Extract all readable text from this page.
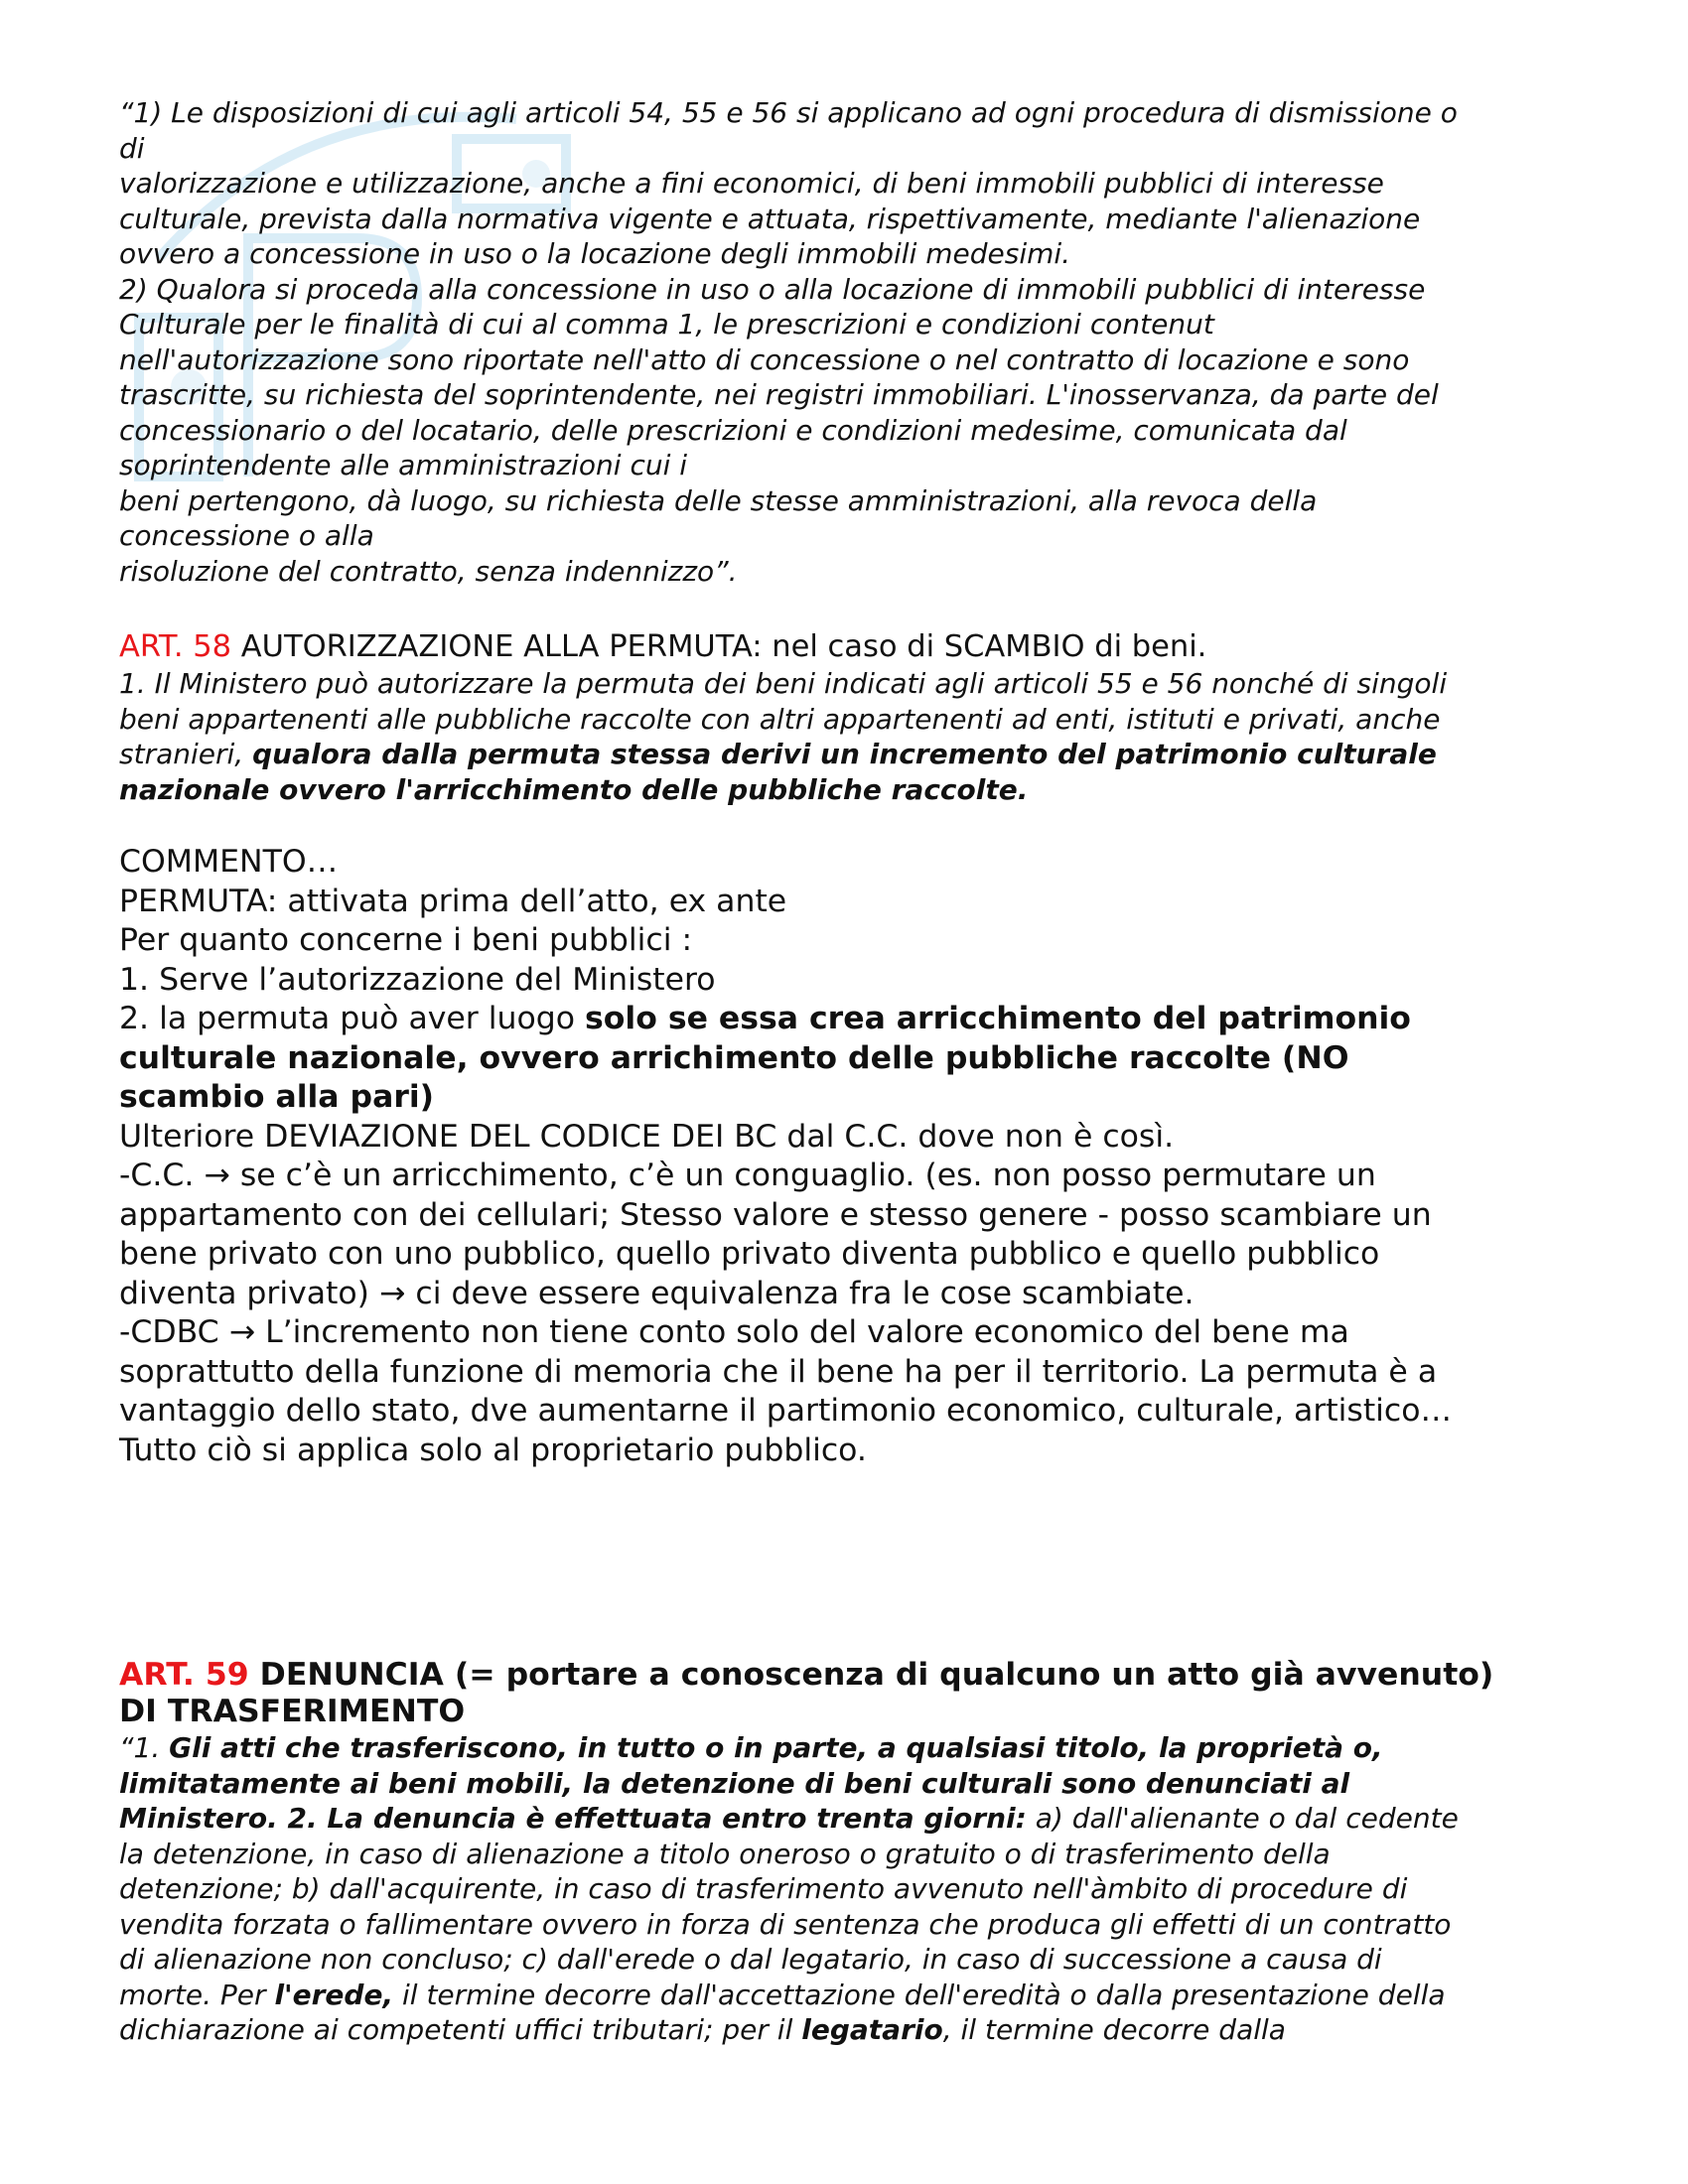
“1) Le disposizioni di cui agli articoli 54, 55 e 56 si applicano ad ogni procedura di dismissione o
di
valorizzazione e utilizzazione, anche a fini economici, di beni immobili pubblici di interesse
culturale, prevista dalla normativa vigente e attuata, rispettivamente, mediante l'alienazione
ovvero a concessione in uso o la locazione degli immobili medesimi.
2) Qualora si proceda alla concessione in uso o alla locazione di immobili pubblici di interesse
Culturale per le finalità di cui al comma 1, le prescrizioni e condizioni contenut
nell'autorizzazione sono riportate nell'atto di concessione o nel contratto di locazione e sono
trascritte, su richiesta del soprintendente, nei registri immobiliari. L'inosservanza, da parte del
concessionario o del locatario, delle prescrizioni e condizioni medesime, comunicata dal
soprintendente alle amministrazioni cui i
beni pertengono, dà luogo, su richiesta delle stesse amministrazioni, alla revoca della
concessione o alla
risoluzione del contratto, senza indennizzo”.
ART. 58 AUTORIZZAZIONE ALLA PERMUTA: nel caso di SCAMBIO di beni.
1. Il Ministero può autorizzare la permuta dei beni indicati agli articoli 55 e 56 nonché di singoli
beni appartenenti alle pubbliche raccolte con altri appartenenti ad enti, istituti e privati, anche
stranieri, qualora dalla permuta stessa derivi un incremento del patrimonio culturale
nazionale ovvero l'arricchimento delle pubbliche raccolte.
COMMENTO…
PERMUTA: attivata prima dell’atto, ex ante
Per quanto concerne i beni pubblici :
1. Serve l’autorizzazione del Ministero
2. la permuta può aver luogo solo se essa crea arricchimento del patrimonio
culturale nazionale, ovvero arrichimento delle pubbliche raccolte (NO
scambio alla pari)
Ulteriore DEVIAZIONE DEL CODICE DEI BC dal C.C. dove non è così.
-C.C. → se c’è un arricchimento, c’è un conguaglio. (es. non posso permutare un
appartamento con dei cellulari; Stesso valore e stesso genere - posso scambiare un
bene privato con uno pubblico, quello privato diventa pubblico e quello pubblico
diventa privato) → ci deve essere equivalenza fra le cose scambiate.
-CDBC → L’incremento non tiene conto solo del valore economico del bene ma
soprattutto della funzione di memoria che il bene ha per il territorio. La permuta è a
vantaggio dello stato, dve aumentarne il partimonio economico, culturale, artistico…
Tutto ciò si applica solo al proprietario pubblico.
ART. 59 DENUNCIA (= portare a conoscenza di qualcuno un atto già avvenuto)
DI TRASFERIMENTO
“1. Gli atti che trasferiscono, in tutto o in parte, a qualsiasi titolo, la proprietà o,
limitatamente ai beni mobili, la detenzione di beni culturali sono denunciati al
Ministero. 2. La denuncia è effettuata entro trenta giorni: a) dall'alienante o dal cedente
la detenzione, in caso di alienazione a titolo oneroso o gratuito o di trasferimento della
detenzione; b) dall'acquirente, in caso di trasferimento avvenuto nell'àmbito di procedure di
vendita forzata o fallimentare ovvero in forza di sentenza che produca gli effetti di un contratto
di alienazione non concluso; c) dall'erede o dal legatario, in caso di successione a causa di
morte. Per l'erede, il termine decorre dall'accettazione dell'eredità o dalla presentazione della
dichiarazione ai competenti uffici tributari; per il legatario, il termine decorre dalla
